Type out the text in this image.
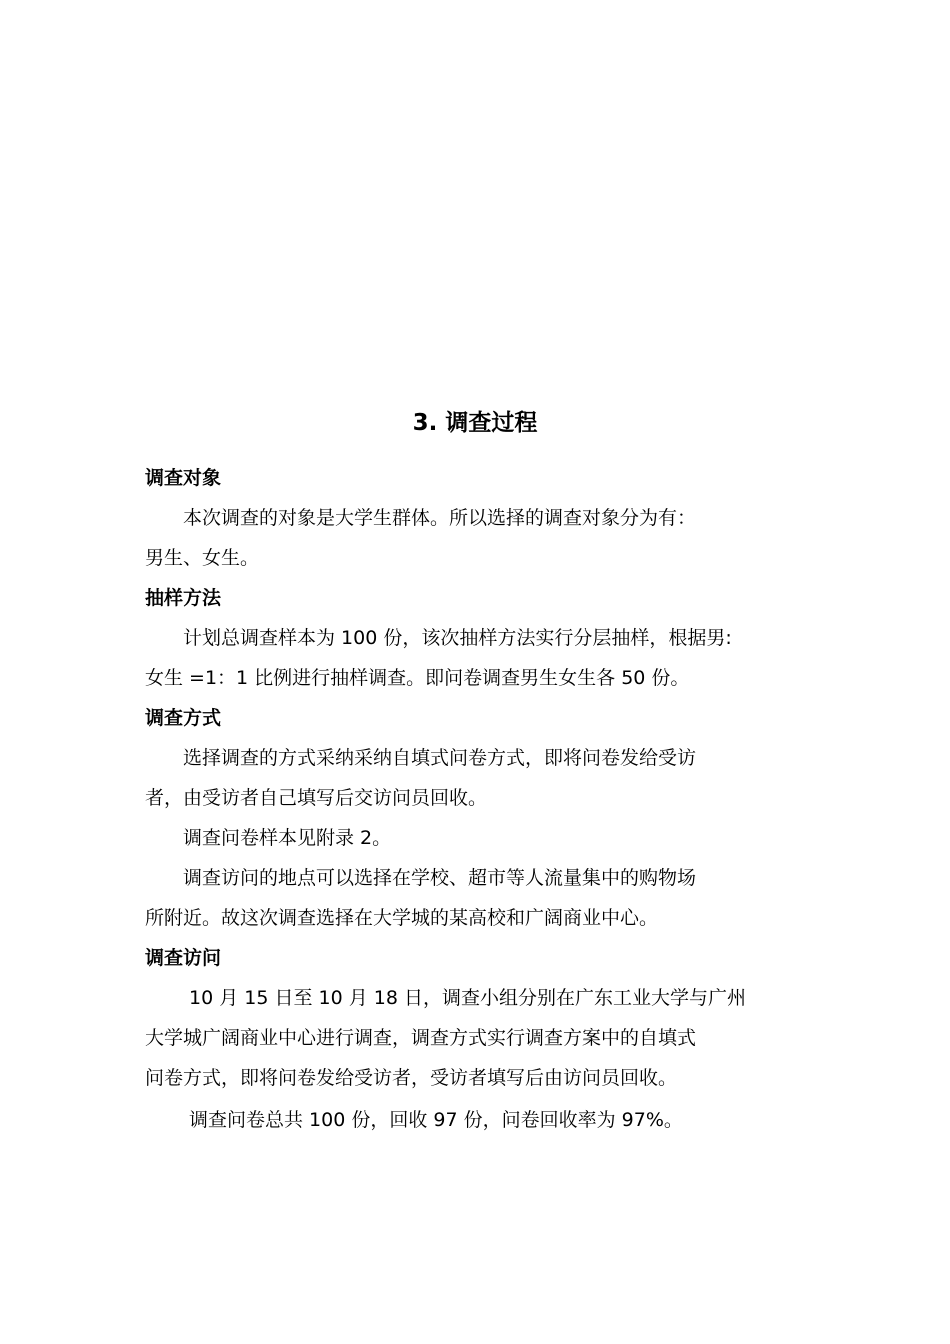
3. 调查过程
调查对象
本次调查的对象是大学生群体。所以选择的调查对象分为有：
男生、女生。
抽样方法
计划总调查样本为 100 份，该次抽样方法实行分层抽样，根据男:
女生 =1：1 比例进行抽样调查。即问卷调查男生女生各 50 份。
调查方式
选择调查的方式采纳采纳自填式问卷方式，即将问卷发给受访
者，由受访者自己填写后交访问员回收。
调查问卷样本见附录 2。
调查访问的地点可以选择在学校、超市等人流量集中的购物场
所附近。故这次调查选择在大学城的某高校和广阔商业中心。
调查访问
10 月 15 日至 10 月 18 日，调查小组分别在广东工业大学与广州
大学城广阔商业中心进行调查，调查方式实行调查方案中的自填式
问卷方式，即将问卷发给受访者，受访者填写后由访问员回收。
调查问卷总共 100 份，回收 97 份，问卷回收率为 97%。
